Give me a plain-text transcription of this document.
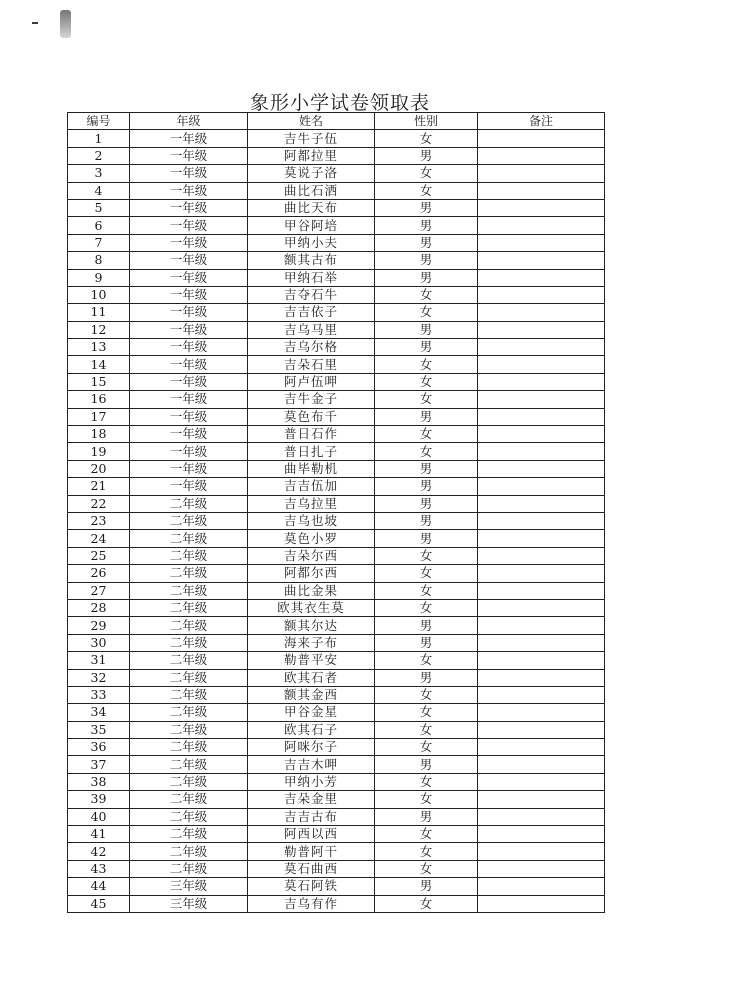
象形小学试卷领取表
编号	年级	姓名	性别	备注
1	一年级	吉牛子伍	女	
2	一年级	阿都拉里	男	
3	一年级	莫说子洛	女	
4	一年级	曲比石洒	女	
5	一年级	曲比天布	男	
6	一年级	甲谷阿培	男	
7	一年级	甲纳小夫	男	
8	一年级	额其古布	男	
9	一年级	甲纳石举	男	
10	一年级	吉夺石牛	女	
11	一年级	吉吉依子	女	
12	一年级	吉乌马里	男	
13	一年级	吉乌尔格	男	
14	一年级	吉朵石里	女	
15	一年级	阿卢伍呷	女	
16	一年级	吉牛金子	女	
17	一年级	莫色布千	男	
18	一年级	普日石作	女	
19	一年级	普日扎子	女	
20	一年级	曲毕勒机	男	
21	一年级	吉吉伍加	男	
22	二年级	吉乌拉里	男	
23	二年级	吉乌也坡	男	
24	二年级	莫色小罗	男	
25	二年级	吉朵尔西	女	
26	二年级	阿都尔西	女	
27	二年级	曲比金果	女	
28	二年级	欧其衣生莫	女	
29	二年级	额其尔达	男	
30	二年级	海来子布	男	
31	二年级	勒普平安	女	
32	二年级	欧其石者	男	
33	二年级	额其金西	女	
34	二年级	甲谷金星	女	
35	二年级	欧其石子	女	
36	二年级	阿咪尔子	女	
37	二年级	吉吉木呷	男	
38	二年级	甲纳小芳	女	
39	二年级	吉朵金里	女	
40	二年级	吉吉古布	男	
41	二年级	阿西以西	女	
42	二年级	勒普阿干	女	
43	二年级	莫石曲西	女	
44	三年级	莫石阿铁	男	
45	三年级	吉乌有作	女	
